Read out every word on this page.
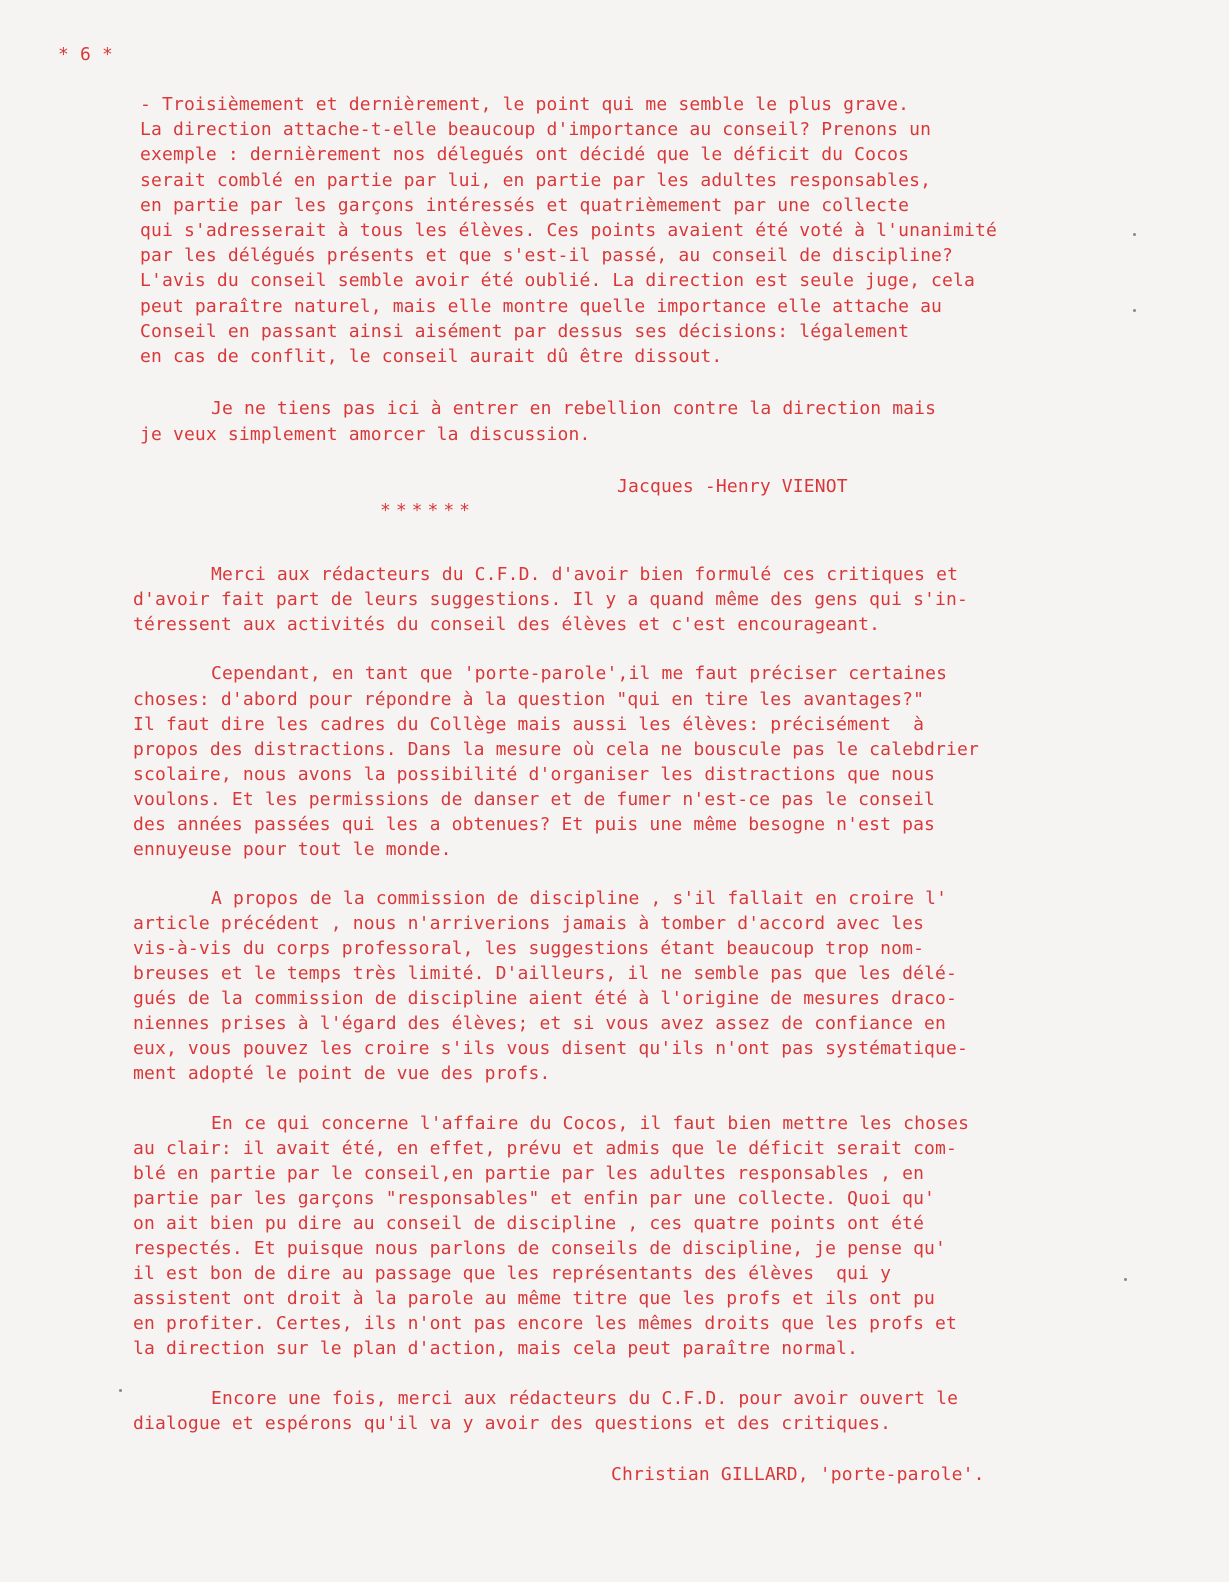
* 6 *
- Troisièmement et dernièrement, le point qui me semble le plus grave.
La direction attache-t-elle beaucoup d'importance au conseil? Prenons un
exemple : dernièrement nos délegués ont décidé que le déficit du Cocos
serait comblé en partie par lui, en partie par les adultes responsables,
en partie par les garçons intéressés et quatrièmement par une collecte
qui s'adresserait à tous les élèves. Ces points avaient été voté à l'unanimité
par les délégués présents et que s'est-il passé, au conseil de discipline?
L'avis du conseil semble avoir été oublié. La direction est seule juge, cela
peut paraître naturel, mais elle montre quelle importance elle attache au
Conseil en passant ainsi aisément par dessus ses décisions: légalement
en cas de conflit, le conseil aurait dû être dissout.
Je ne tiens pas ici à entrer en rebellion contre la direction mais
je veux simplement amorcer la discussion.
Jacques -Henry VIENOT
******
Merci aux rédacteurs du C.F.D. d'avoir bien formulé ces critiques et
d'avoir fait part de leurs suggestions. Il y a quand même des gens qui s'in-
téressent aux activités du conseil des élèves et c'est encourageant.
Cependant, en tant que 'porte-parole',il me faut préciser certaines
choses: d'abord pour répondre à la question "qui en tire les avantages?"
Il faut dire les cadres du Collège mais aussi les élèves: précisément  à
propos des distractions. Dans la mesure où cela ne bouscule pas le calebdrier
scolaire, nous avons la possibilité d'organiser les distractions que nous
voulons. Et les permissions de danser et de fumer n'est-ce pas le conseil
des années passées qui les a obtenues? Et puis une même besogne n'est pas
ennuyeuse pour tout le monde.
A propos de la commission de discipline , s'il fallait en croire l'
article précédent , nous n'arriverions jamais à tomber d'accord avec les
vis-à-vis du corps professoral, les suggestions étant beaucoup trop nom-
breuses et le temps très limité. D'ailleurs, il ne semble pas que les délé-
gués de la commission de discipline aient été à l'origine de mesures draco-
niennes prises à l'égard des élèves; et si vous avez assez de confiance en
eux, vous pouvez les croire s'ils vous disent qu'ils n'ont pas systématique-
ment adopté le point de vue des profs.
En ce qui concerne l'affaire du Cocos, il faut bien mettre les choses
au clair: il avait été, en effet, prévu et admis que le déficit serait com-
blé en partie par le conseil,en partie par les adultes responsables , en
partie par les garçons "responsables" et enfin par une collecte. Quoi qu'
on ait bien pu dire au conseil de discipline , ces quatre points ont été
respectés. Et puisque nous parlons de conseils de discipline, je pense qu'
il est bon de dire au passage que les représentants des élèves  qui y
assistent ont droit à la parole au même titre que les profs et ils ont pu
en profiter. Certes, ils n'ont pas encore les mêmes droits que les profs et
la direction sur le plan d'action, mais cela peut paraître normal.
Encore une fois, merci aux rédacteurs du C.F.D. pour avoir ouvert le
dialogue et espérons qu'il va y avoir des questions et des critiques.
Christian GILLARD, 'porte-parole'.
